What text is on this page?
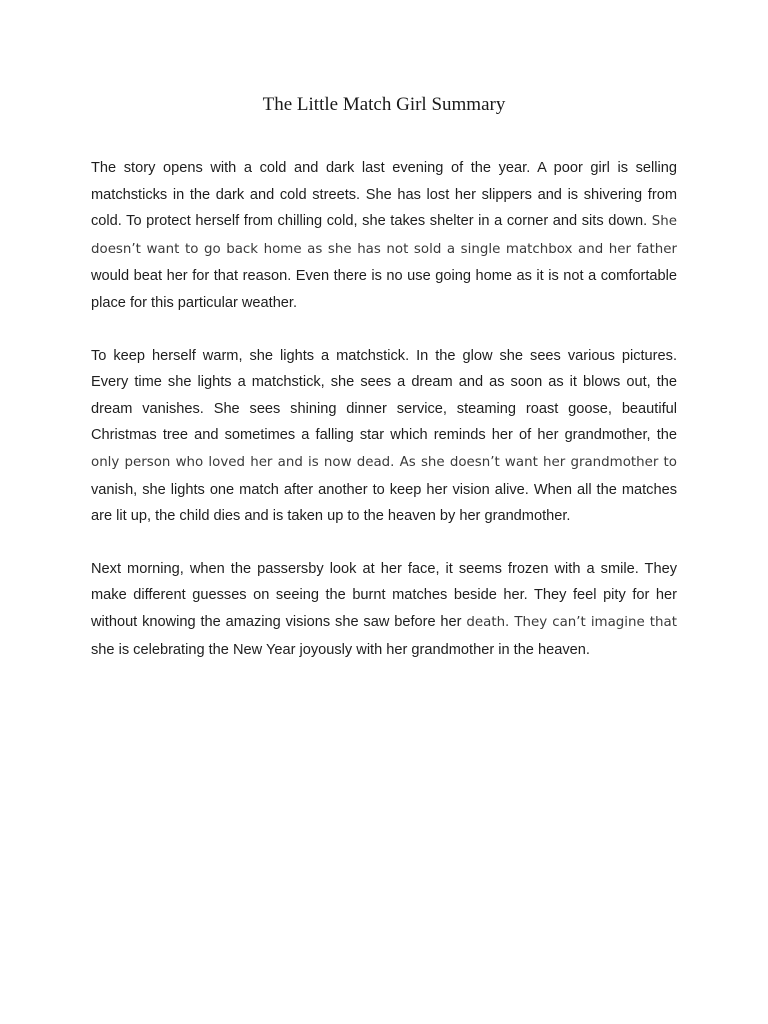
The Little Match Girl Summary

The story opens with a cold and dark last evening of the year. A poor girl is selling matchsticks in the dark and cold streets. She has lost her slippers and is shivering from cold. To protect herself from chilling cold, she takes shelter in a corner and sits down. She doesn’t want to go back home as she has not sold a single matchbox and her father would beat her for that reason. Even there is no use going home as it is not a comfortable place for this particular weather.

To keep herself warm, she lights a matchstick. In the glow she sees various pictures. Every time she lights a matchstick, she sees a dream and as soon as it blows out, the dream vanishes. She sees shining dinner service, steaming roast goose, beautiful Christmas tree and sometimes a falling star which reminds her of her grandmother, the only person who loved her and is now dead. As she doesn’t want her grandmother to vanish, she lights one match after another to keep her vision alive. When all the matches are lit up, the child dies and is taken up to the heaven by her grandmother.

Next morning, when the passersby look at her face, it seems frozen with a smile. They make different guesses on seeing the burnt matches beside her. They feel pity for her without knowing the amazing visions she saw before her death. They can’t imagine that she is celebrating the New Year joyously with her grandmother in the heaven.
